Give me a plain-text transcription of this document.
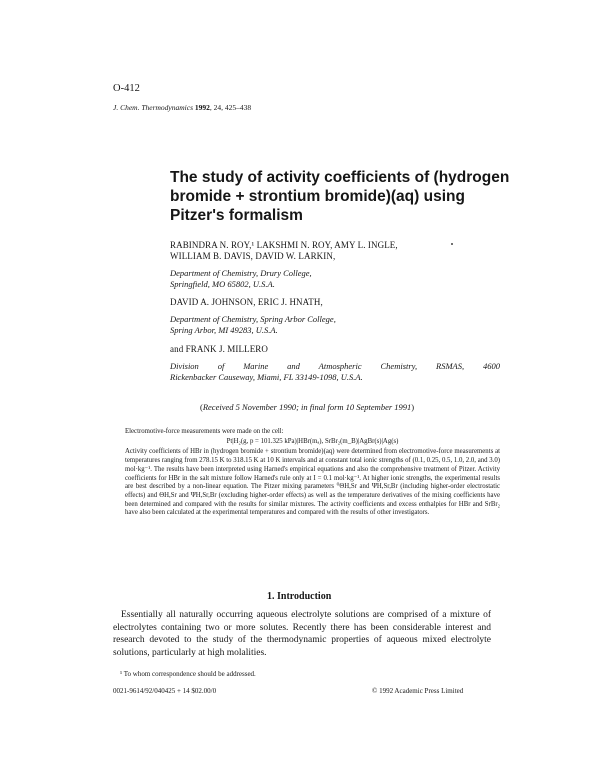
O-412
J. Chem. Thermodynamics 1992, 24, 425–438
The study of activity coefficients of (hydrogen bromide + strontium bromide)(aq) using Pitzer's formalism
RABINDRA N. ROY,¹ LAKSHMI N. ROY, AMY L. INGLE,
WILLIAM B. DAVIS, DAVID W. LARKIN,
Department of Chemistry, Drury College,
Springfield, MO 65802, U.S.A.
DAVID A. JOHNSON, ERIC J. HNATH,
Department of Chemistry, Spring Arbor College,
Spring Arbor, MI 49283, U.S.A.
and FRANK J. MILLERO
Division of Marine and Atmospheric Chemistry, RSMAS, 4600
Rickenbacker Causeway, Miami, FL 33149-1098, U.S.A.
(Received 5 November 1990; in final form 10 September 1991)

Electromotive-force measurements were made on the cell:

Pt|H₂(g, p = 101.325 kPa)|HBr(mₐ), SrBr₂(m_B)|AgBr(s)|Ag(s)

Activity coefficients of HBr in (hydrogen bromide + strontium bromide)(aq) were determined from electromotive-force measurements at temperatures ranging from 278.15 K to 318.15 K at 10 K intervals and at constant total ionic strengths of (0.1, 0.25, 0.5, 1.0, 2.0, and 3.0) mol·kg⁻¹. The results have been interpreted using Harned's empirical equations and also the comprehensive treatment of Pitzer. Activity coefficients for HBr in the salt mixture follow Harned's rule only at I = 0.1 mol·kg⁻¹. At higher ionic strengths, the experimental results are best described by a non-linear equation. The Pitzer mixing parameters ⁰ΘH,Sr and ΨH,Sr,Br (including higher-order electrostatic effects) and ΘH,Sr and ΨH,Sr,Br (excluding higher-order effects) as well as the temperature derivatives of the mixing coefficients have been determined and compared with the results for similar mixtures. The activity coefficients and excess enthalpies for HBr and SrBr₂ have also been calculated at the experimental temperatures and compared with the results of other investigators.

1. Introduction

Essentially all naturally occurring aqueous electrolyte solutions are comprised of a mixture of electrolytes containing two or more solutes. Recently there has been considerable interest and research devoted to the study of the thermodynamic properties of aqueous mixed electrolyte solutions, particularly at high molalities.

¹ To whom correspondence should be addressed.
0021-9614/92/040425 + 14 $02.00/0	© 1992 Academic Press Limited
